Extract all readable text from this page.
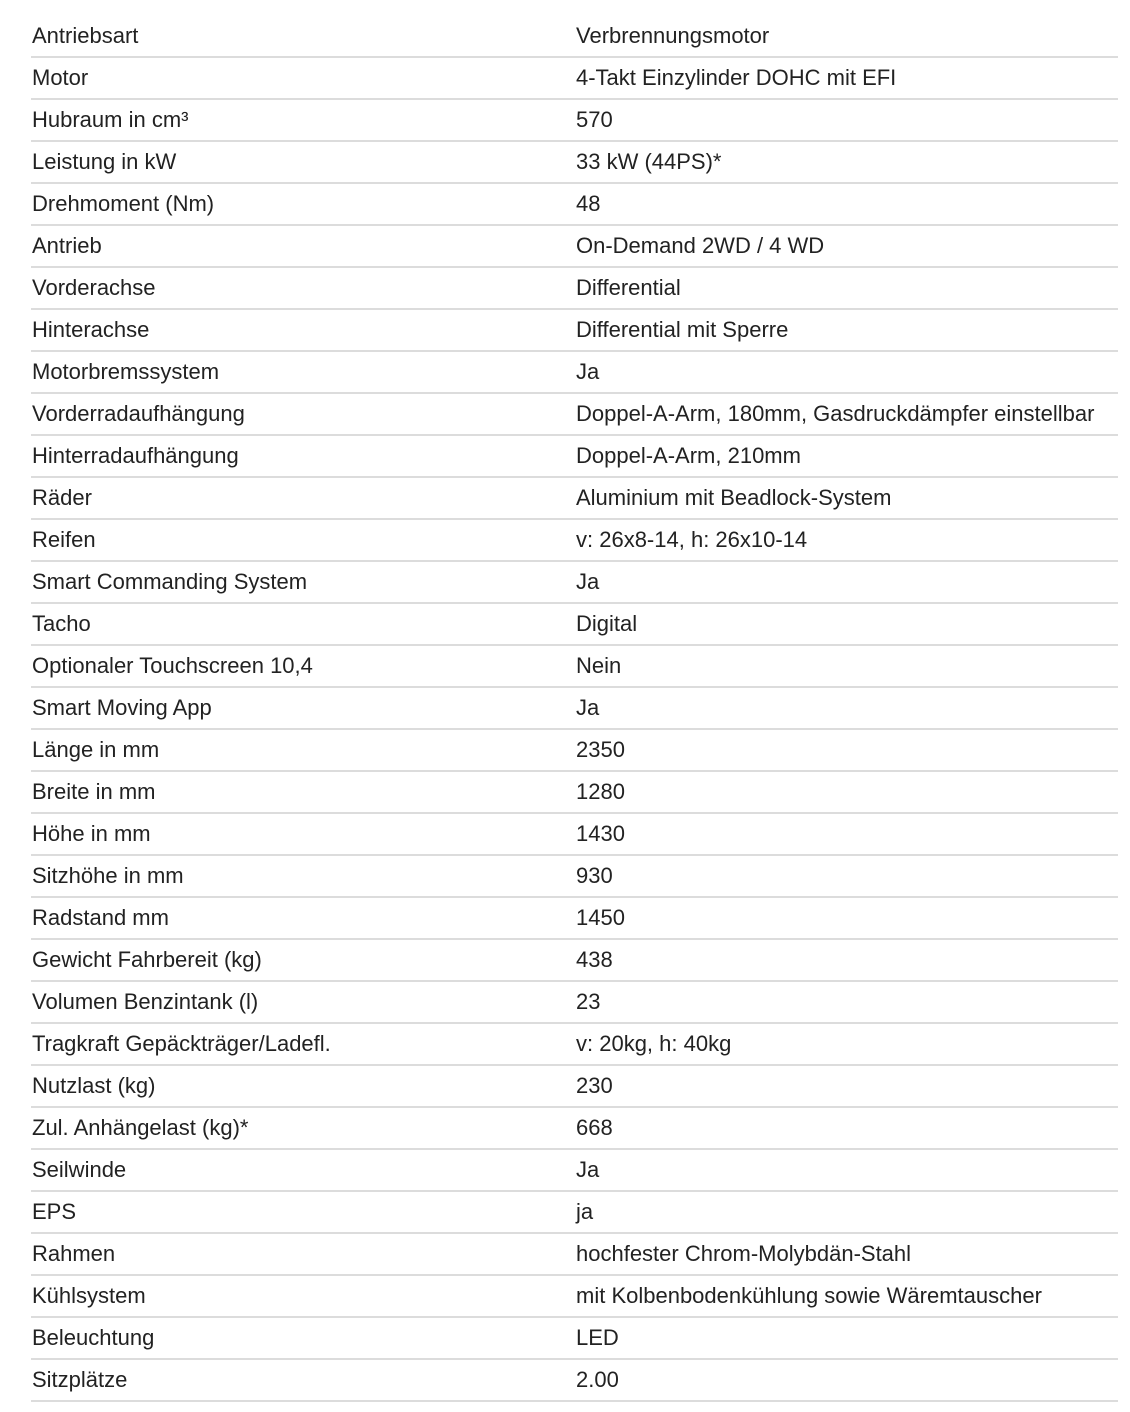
Antriebsart	Verbrennungsmotor
Motor	4-Takt Einzylinder DOHC mit EFI
Hubraum in cm³	570
Leistung in kW	33 kW (44PS)*
Drehmoment (Nm)	48
Antrieb	On-Demand 2WD / 4 WD
Vorderachse	Differential
Hinterachse	Differential mit Sperre
Motorbremssystem	Ja
Vorderradaufhängung	Doppel-A-Arm, 180mm, Gasdruckdämpfer einstellbar
Hinterradaufhängung	Doppel-A-Arm, 210mm
Räder	Aluminium mit Beadlock-System
Reifen	v: 26x8-14, h: 26x10-14
Smart Commanding System	Ja
Tacho	Digital
Optionaler Touchscreen 10,4	Nein
Smart Moving App	Ja
Länge in mm	2350
Breite in mm	1280
Höhe in mm	1430
Sitzhöhe in mm	930
Radstand mm	1450
Gewicht Fahrbereit (kg)	438
Volumen Benzintank (l)	23
Tragkraft Gepäckträger/Ladefl.	v: 20kg, h: 40kg
Nutzlast (kg)	230
Zul. Anhängelast (kg)*	668
Seilwinde	Ja
EPS	ja
Rahmen	hochfester Chrom-Molybdän-Stahl
Kühlsystem	mit Kolbenbodenkühlung sowie Wäremtauscher
Beleuchtung	LED
Sitzplätze	2.00
